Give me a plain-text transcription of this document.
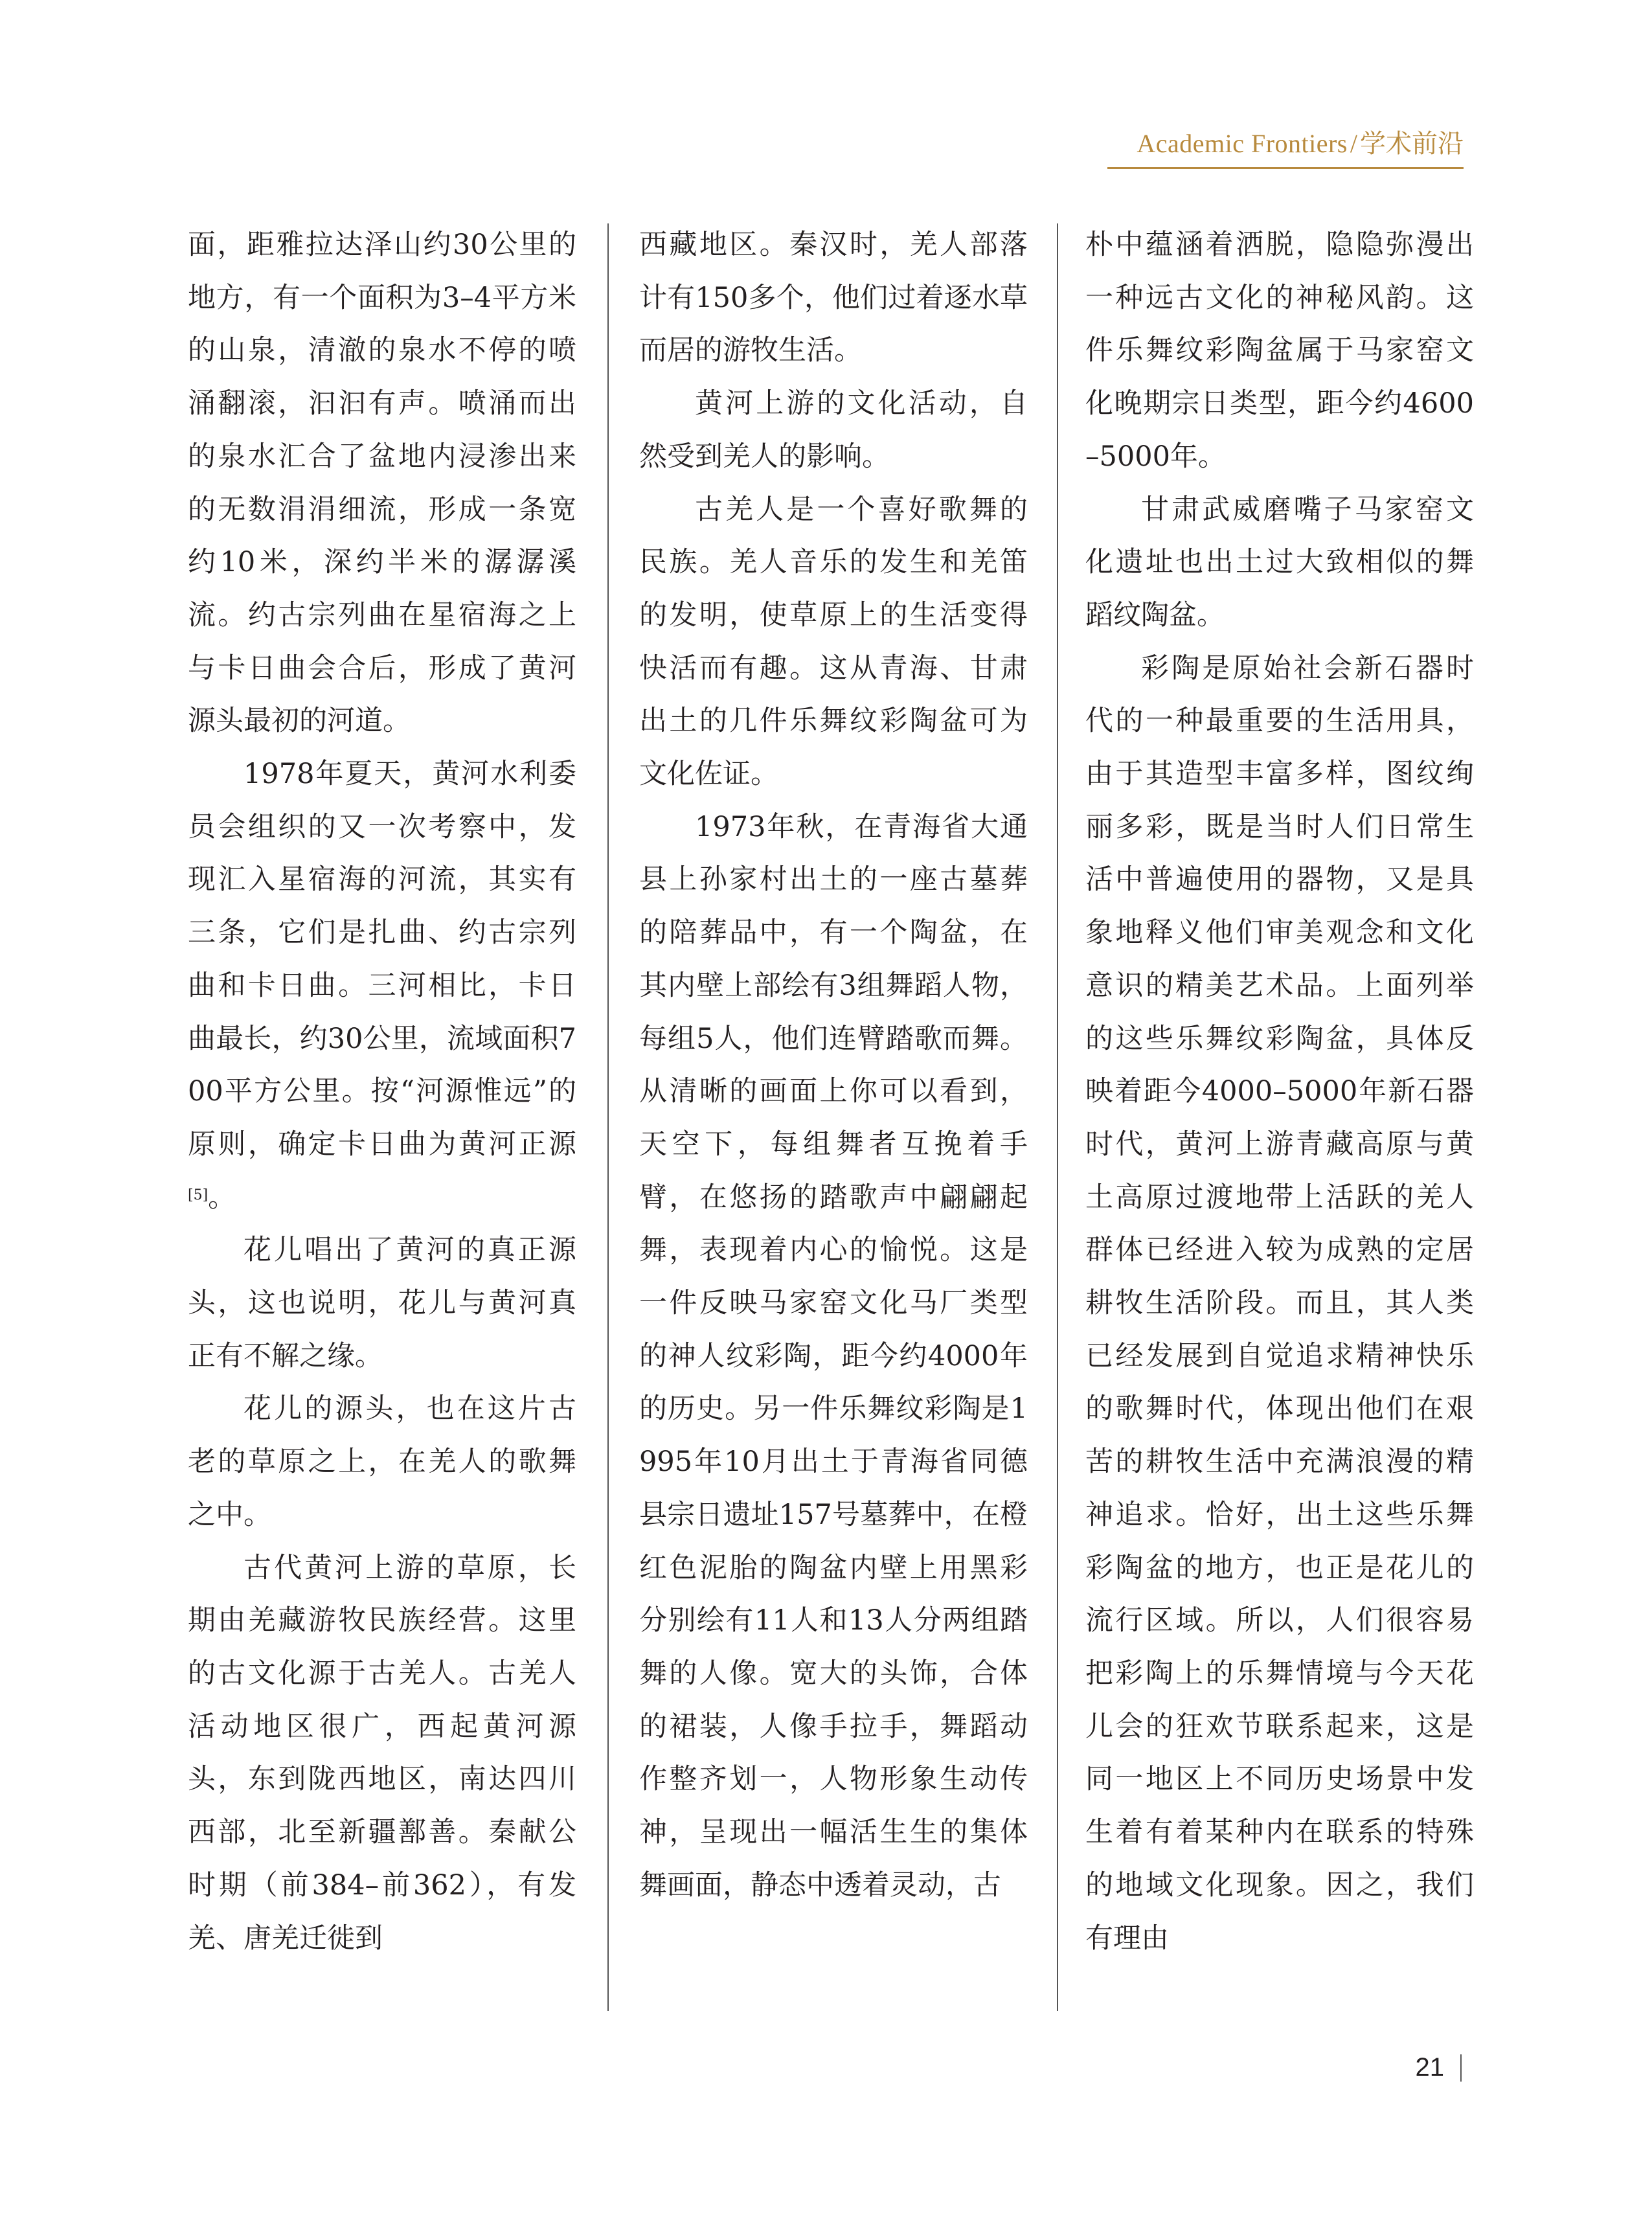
Academic Frontiers / 学术前沿

面，距雅拉达泽山约30公里的地方，有一个面积为3–4平方米的山泉，清澈的泉水不停的喷涌翻滚，汩汩有声。喷涌而出的泉水汇合了盆地内浸渗出来的无数涓涓细流，形成一条宽约10米，深约半米的潺潺溪流。约古宗列曲在星宿海之上与卡日曲会合后，形成了黄河源头最初的河道。

1978年夏天，黄河水利委员会组织的又一次考察中，发现汇入星宿海的河流，其实有三条，它们是扎曲、约古宗列曲和卡日曲。三河相比，卡日曲最长，约30公里，流域面积700平方公里。按“河源惟远”的原则，确定卡日曲为黄河正源[5]。

花儿唱出了黄河的真正源头，这也说明，花儿与黄河真正有不解之缘。

花儿的源头，也在这片古老的草原之上，在羌人的歌舞之中。

古代黄河上游的草原，长期由羌藏游牧民族经营。这里的古文化源于古羌人。古羌人活动地区很广，西起黄河源头，东到陇西地区，南达四川西部，北至新疆鄯善。秦献公时期（前384–前362），有发羌、唐羌迁徙到

西藏地区。秦汉时，羌人部落计有150多个，他们过着逐水草而居的游牧生活。

黄河上游的文化活动，自然受到羌人的影响。

古羌人是一个喜好歌舞的民族。羌人音乐的发生和羌笛的发明，使草原上的生活变得快活而有趣。这从青海、甘肃出土的几件乐舞纹彩陶盆可为文化佐证。

1973年秋，在青海省大通县上孙家村出土的一座古墓葬的陪葬品中，有一个陶盆，在其内壁上部绘有3组舞蹈人物，每组5人，他们连臂踏歌而舞。从清晰的画面上你可以看到，天空下，每组舞者互挽着手臂，在悠扬的踏歌声中翩翩起舞，表现着内心的愉悦。这是一件反映马家窑文化马厂类型的神人纹彩陶，距今约4000年的历史。另一件乐舞纹彩陶是1995年10月出土于青海省同德县宗日遗址157号墓葬中，在橙红色泥胎的陶盆内壁上用黑彩分别绘有11人和13人分两组踏舞的人像。宽大的头饰，合体的裙装，人像手拉手，舞蹈动作整齐划一，人物形象生动传神，呈现出一幅活生生的集体舞画面，静态中透着灵动，古

朴中蕴涵着洒脱，隐隐弥漫出一种远古文化的神秘风韵。这件乐舞纹彩陶盆属于马家窑文化晚期宗日类型，距今约4600–5000年。

甘肃武威磨嘴子马家窑文化遗址也出土过大致相似的舞蹈纹陶盆。

彩陶是原始社会新石器时代的一种最重要的生活用具，由于其造型丰富多样，图纹绚丽多彩，既是当时人们日常生活中普遍使用的器物，又是具象地释义他们审美观念和文化意识的精美艺术品。上面列举的这些乐舞纹彩陶盆，具体反映着距今4000–5000年新石器时代，黄河上游青藏高原与黄土高原过渡地带上活跃的羌人群体已经进入较为成熟的定居耕牧生活阶段。而且，其人类已经发展到自觉追求精神快乐的歌舞时代，体现出他们在艰苦的耕牧生活中充满浪漫的精神追求。恰好，出土这些乐舞彩陶盆的地方，也正是花儿的流行区域。所以，人们很容易把彩陶上的乐舞情境与今天花儿会的狂欢节联系起来，这是同一地区上不同历史场景中发生着有着某种内在联系的特殊的地域文化现象。因之，我们有理由

21
